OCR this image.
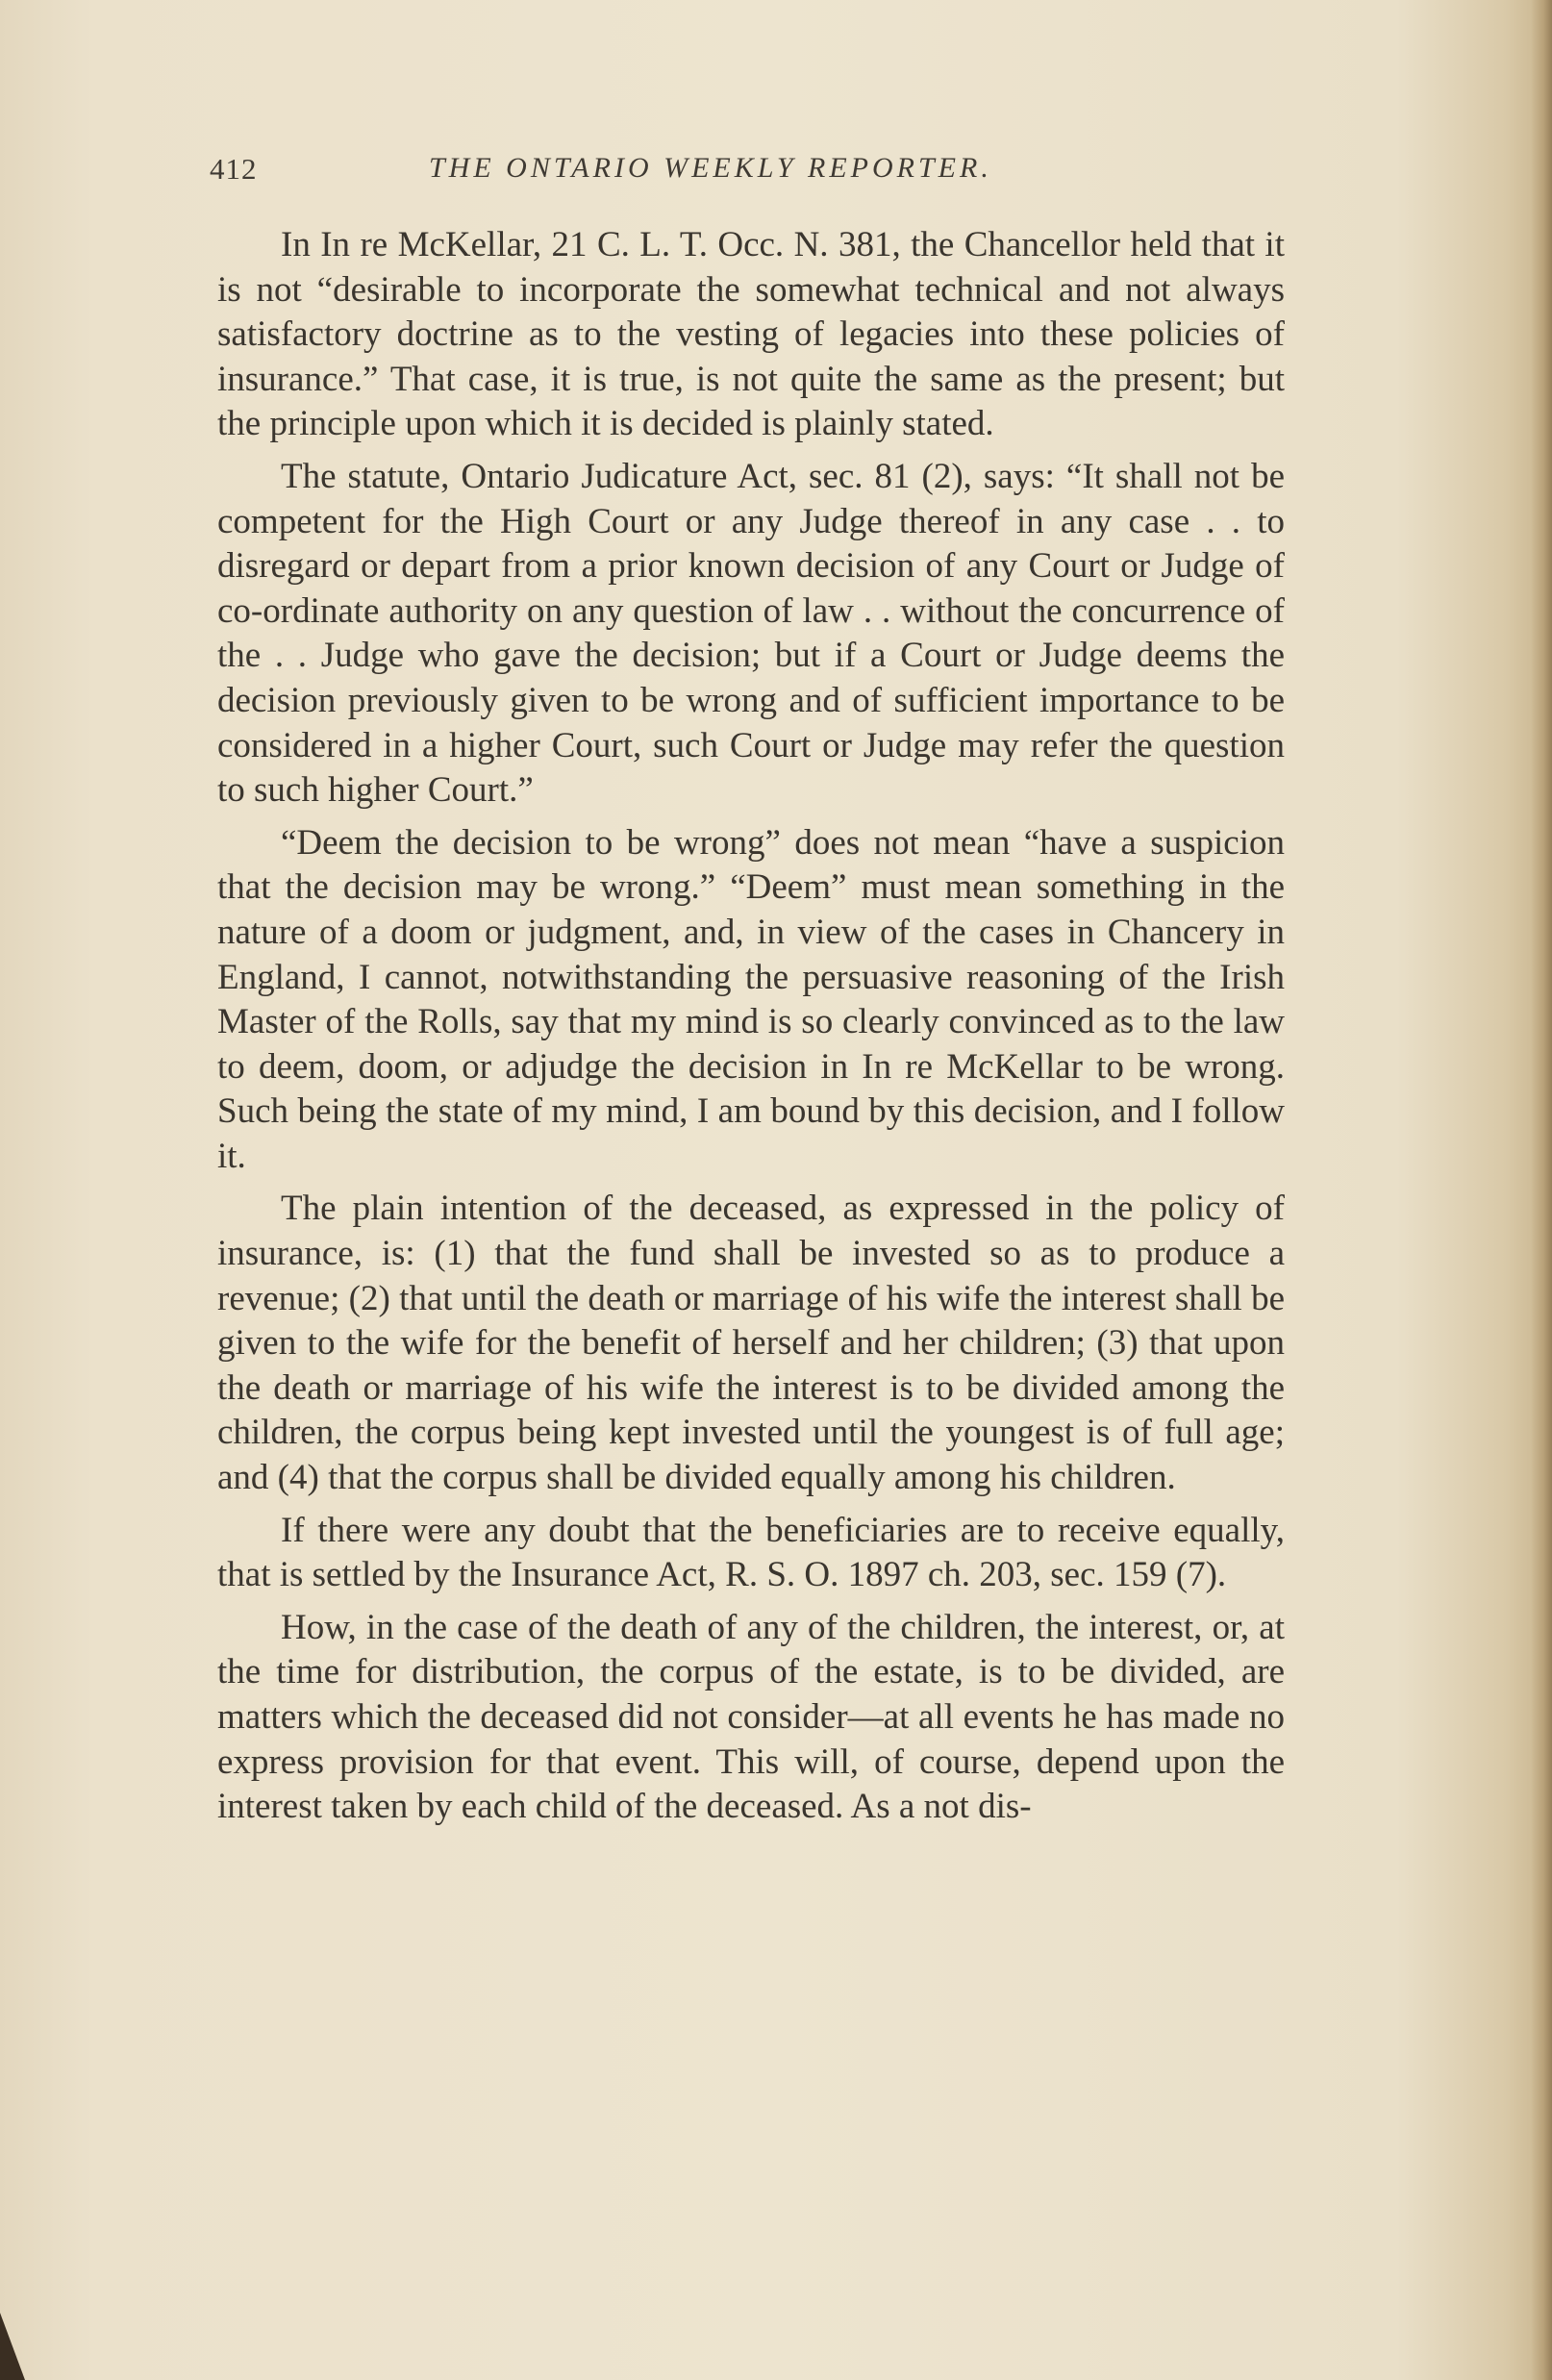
412	THE ONTARIO WEEKLY REPORTER.

In In re McKellar, 21 C. L. T. Occ. N. 381, the Chancellor held that it is not “desirable to incorporate the somewhat technical and not always satisfactory doctrine as to the vesting of legacies into these policies of insurance.” That case, it is true, is not quite the same as the present; but the principle upon which it is decided is plainly stated.

The statute, Ontario Judicature Act, sec. 81 (2), says: “It shall not be competent for the High Court or any Judge thereof in any case . . to disregard or depart from a prior known decision of any Court or Judge of co-ordinate authority on any question of law . . without the concurrence of the . . Judge who gave the decision; but if a Court or Judge deems the decision previously given to be wrong and of sufficient importance to be considered in a higher Court, such Court or Judge may refer the question to such higher Court.”

“Deem the decision to be wrong” does not mean “have a suspicion that the decision may be wrong.” “Deem” must mean something in the nature of a doom or judgment, and, in view of the cases in Chancery in England, I cannot, notwithstanding the persuasive reasoning of the Irish Master of the Rolls, say that my mind is so clearly convinced as to the law to deem, doom, or adjudge the decision in In re McKellar to be wrong. Such being the state of my mind, I am bound by this decision, and I follow it.

The plain intention of the deceased, as expressed in the policy of insurance, is: (1) that the fund shall be invested so as to produce a revenue; (2) that until the death or marriage of his wife the interest shall be given to the wife for the benefit of herself and her children; (3) that upon the death or marriage of his wife the interest is to be divided among the children, the corpus being kept invested until the youngest is of full age; and (4) that the corpus shall be divided equally among his children.

If there were any doubt that the beneficiaries are to receive equally, that is settled by the Insurance Act, R. S. O. 1897 ch. 203, sec. 159 (7).

How, in the case of the death of any of the children, the interest, or, at the time for distribution, the corpus of the estate, is to be divided, are matters which the deceased did not consider—at all events he has made no express provision for that event. This will, of course, depend upon the interest taken by each child of the deceased. As a not dis-
